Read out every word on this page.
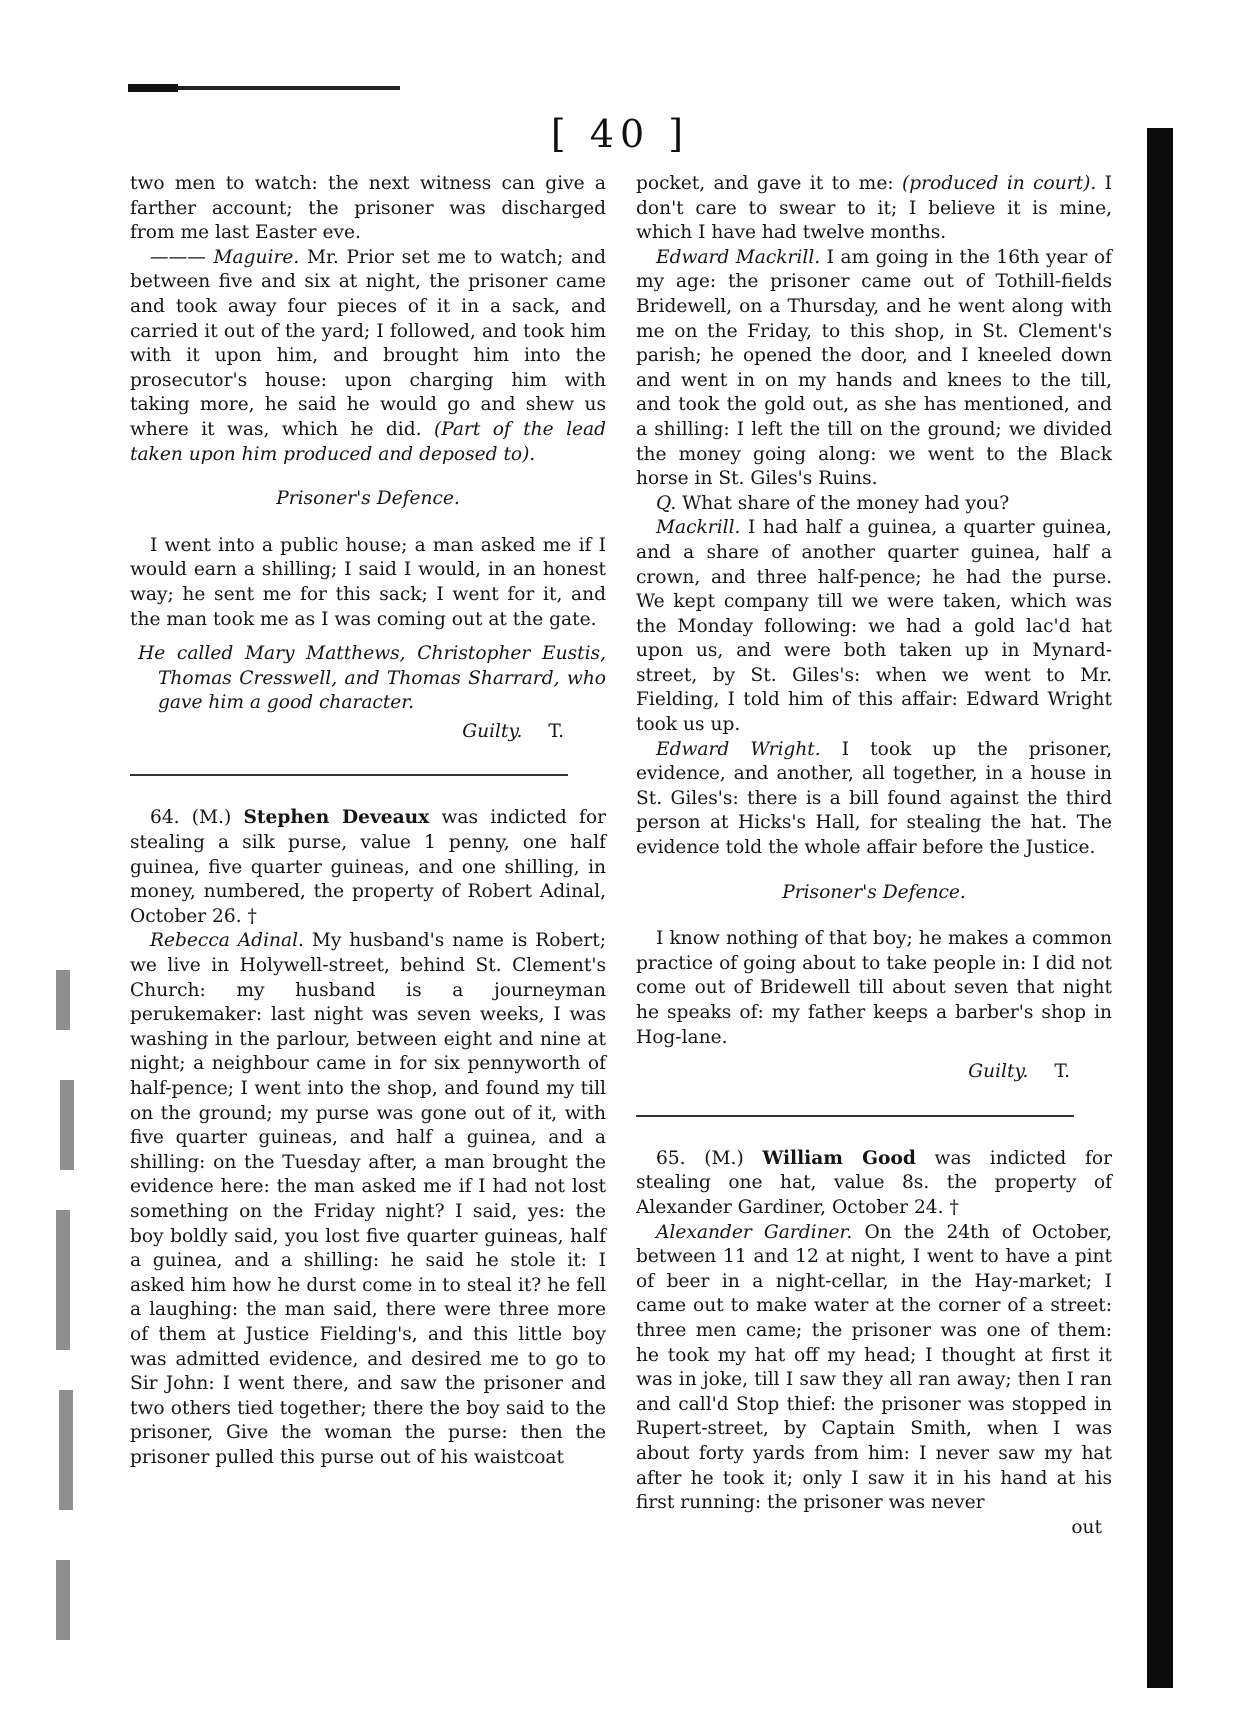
[ 40 ]

two men to watch: the next witness can give a farther account; the prisoner was discharged from me last Easter eve.

——— Maguire. Mr. Prior set me to watch; and between five and six at night, the prisoner came and took away four pieces of it in a sack, and carried it out of the yard; I followed, and took him with it upon him, and brought him into the prosecutor's house: upon charging him with taking more, he said he would go and shew us where it was, which he did. (Part of the lead taken upon him produced and deposed to).

Prisoner's Defence.

I went into a public house; a man asked me if I would earn a shilling; I said I would, in an honest way; he sent me for this sack; I went for it, and the man took me as I was coming out at the gate.

He called Mary Matthews, Christopher Eustis, Thomas Cresswell, and Thomas Sharrard, who gave him a good character.

Guilty. T.

64. (M.) Stephen Deveaux was indicted for stealing a silk purse, value 1 penny, one half guinea, five quarter guineas, and one shilling, in money, numbered, the property of Robert Adinal, October 26. †

Rebecca Adinal. My husband's name is Robert; we live in Holywell-street, behind St. Clement's Church: my husband is a journeyman perukemaker: last night was seven weeks, I was washing in the parlour, between eight and nine at night; a neighbour came in for six pennyworth of half-pence; I went into the shop, and found my till on the ground; my purse was gone out of it, with five quarter guineas, and half a guinea, and a shilling: on the Tuesday after, a man brought the evidence here: the man asked me if I had not lost something on the Friday night? I said, yes: the boy boldly said, you lost five quarter guineas, half a guinea, and a shilling: he said he stole it: I asked him how he durst come in to steal it? he fell a laughing: the man said, there were three more of them at Justice Fielding's, and this little boy was admitted evidence, and desired me to go to Sir John: I went there, and saw the prisoner and two others tied together; there the boy said to the prisoner, Give the woman the purse: then the prisoner pulled this purse out of his waistcoat

pocket, and gave it to me: (produced in court). I don't care to swear to it; I believe it is mine, which I have had twelve months.

Edward Mackrill. I am going in the 16th year of my age: the prisoner came out of Tothill-fields Bridewell, on a Thursday, and he went along with me on the Friday, to this shop, in St. Clement's parish; he opened the door, and I kneeled down and went in on my hands and knees to the till, and took the gold out, as she has mentioned, and a shilling: I left the till on the ground; we divided the money going along: we went to the Black horse in St. Giles's Ruins.

Q. What share of the money had you?

Mackrill. I had half a guinea, a quarter guinea, and a share of another quarter guinea, half a crown, and three half-pence; he had the purse. We kept company till we were taken, which was the Monday following: we had a gold lac'd hat upon us, and were both taken up in Mynard-street, by St. Giles's: when we went to Mr. Fielding, I told him of this affair: Edward Wright took us up.

Edward Wright. I took up the prisoner, evidence, and another, all together, in a house in St. Giles's: there is a bill found against the third person at Hicks's Hall, for stealing the hat. The evidence told the whole affair before the Justice.

Prisoner's Defence.

I know nothing of that boy; he makes a common practice of going about to take people in: I did not come out of Bridewell till about seven that night he speaks of: my father keeps a barber's shop in Hog-lane.

Guilty. T.

65. (M.) William Good was indicted for stealing one hat, value 8s. the property of Alexander Gardiner, October 24. †

Alexander Gardiner. On the 24th of October, between 11 and 12 at night, I went to have a pint of beer in a night-cellar, in the Hay-market; I came out to make water at the corner of a street: three men came; the prisoner was one of them: he took my hat off my head; I thought at first it was in joke, till I saw they all ran away; then I ran and call'd Stop thief: the prisoner was stopped in Rupert-street, by Captain Smith, when I was about forty yards from him: I never saw my hat after he took it; only I saw it in his hand at his first running: the prisoner was never

out
